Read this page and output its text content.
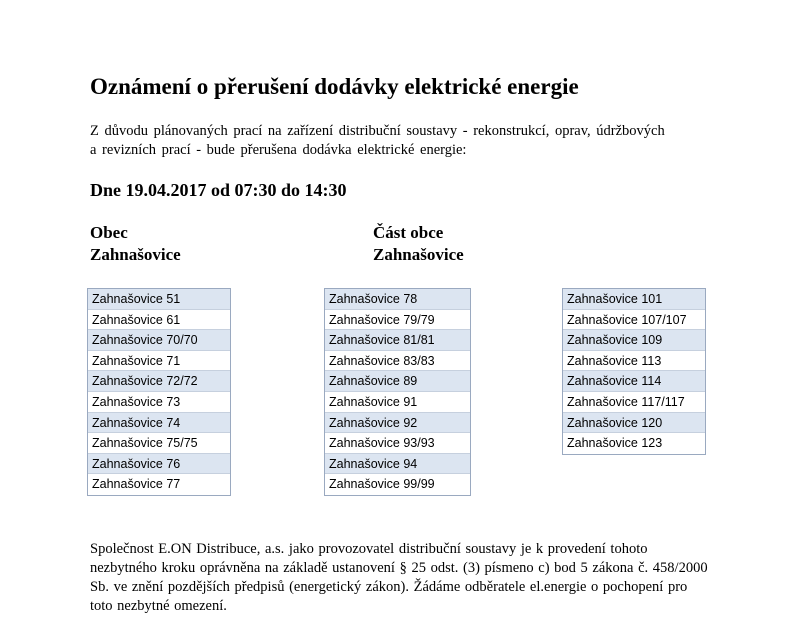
Oznámení o přerušení dodávky elektrické energie
Z důvodu plánovaných prací na zařízení distribuční soustavy - rekonstrukcí, oprav, údržbových
a revizních prací - bude přerušena dodávka elektrické energie:
Dne 19.04.2017 od 07:30 do 14:30
Obec
Zahnašovice
Část obce
Zahnašovice
Zahnašovice 51
Zahnašovice 61
Zahnašovice 70/70
Zahnašovice 71
Zahnašovice 72/72
Zahnašovice 73
Zahnašovice 74
Zahnašovice 75/75
Zahnašovice 76
Zahnašovice 77
Zahnašovice 78
Zahnašovice 79/79
Zahnašovice 81/81
Zahnašovice 83/83
Zahnašovice 89
Zahnašovice 91
Zahnašovice 92
Zahnašovice 93/93
Zahnašovice 94
Zahnašovice 99/99
Zahnašovice 101
Zahnašovice 107/107
Zahnašovice 109
Zahnašovice 113
Zahnašovice 114
Zahnašovice 117/117
Zahnašovice 120
Zahnašovice 123
Společnost E.ON Distribuce, a.s. jako provozovatel distribuční soustavy je k provedení tohoto
nezbytného kroku oprávněna na základě ustanovení § 25 odst. (3) písmeno c) bod 5 zákona č. 458/2000
Sb. ve znění pozdějších předpisů (energetický zákon). Žádáme odběratele el.energie o pochopení pro
toto nezbytné omezení.
